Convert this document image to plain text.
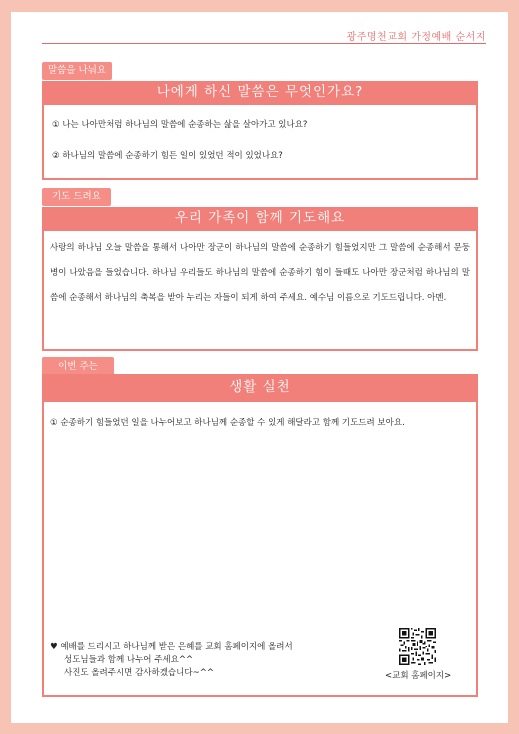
광주명천교회 가정예배 순서지
말씀을 나눠요
나에게 하신 말씀은 무엇인가요?
① 나는 나아만처럼 하나님의 말씀에 순종하는 삶을 살아가고 있나요?
② 하나님의 말씀에 순종하기 힘든 일이 있었던 적이 있었나요?
기도 드려요
우리 가족이 함께 기도해요
사랑의 하나님 오늘 말씀을 통해서 나아만 장군이 하나님의 말씀에 순종하기 힘들었지만 그 말씀에 순종해서 문둥병이 나았음을 들었습니다. 하나님 우리들도 하나님의 말씀에 순종하기 힘이 들때도 나아만 장군처럼 하나님의 말씀에 순종해서 하나님의 축복을 받아 누리는 자들이 되게 하여 주세요. 예수님 이름으로 기도드립니다. 아멘.
이번 주는
생활 실천
① 순종하기 힘들었던 일을 나누어보고 하나님께 순종할 수 있게 해달라고 함께 기도드려 보아요.
♥ 예배를 드리시고 하나님께 받은 은혜를 교회 홈페이지에 올려서
성도님들과 함께 나누어 주세요^^
사진도 올려주시면 감사하겠습니다~^^	<교회 홈페이지>
